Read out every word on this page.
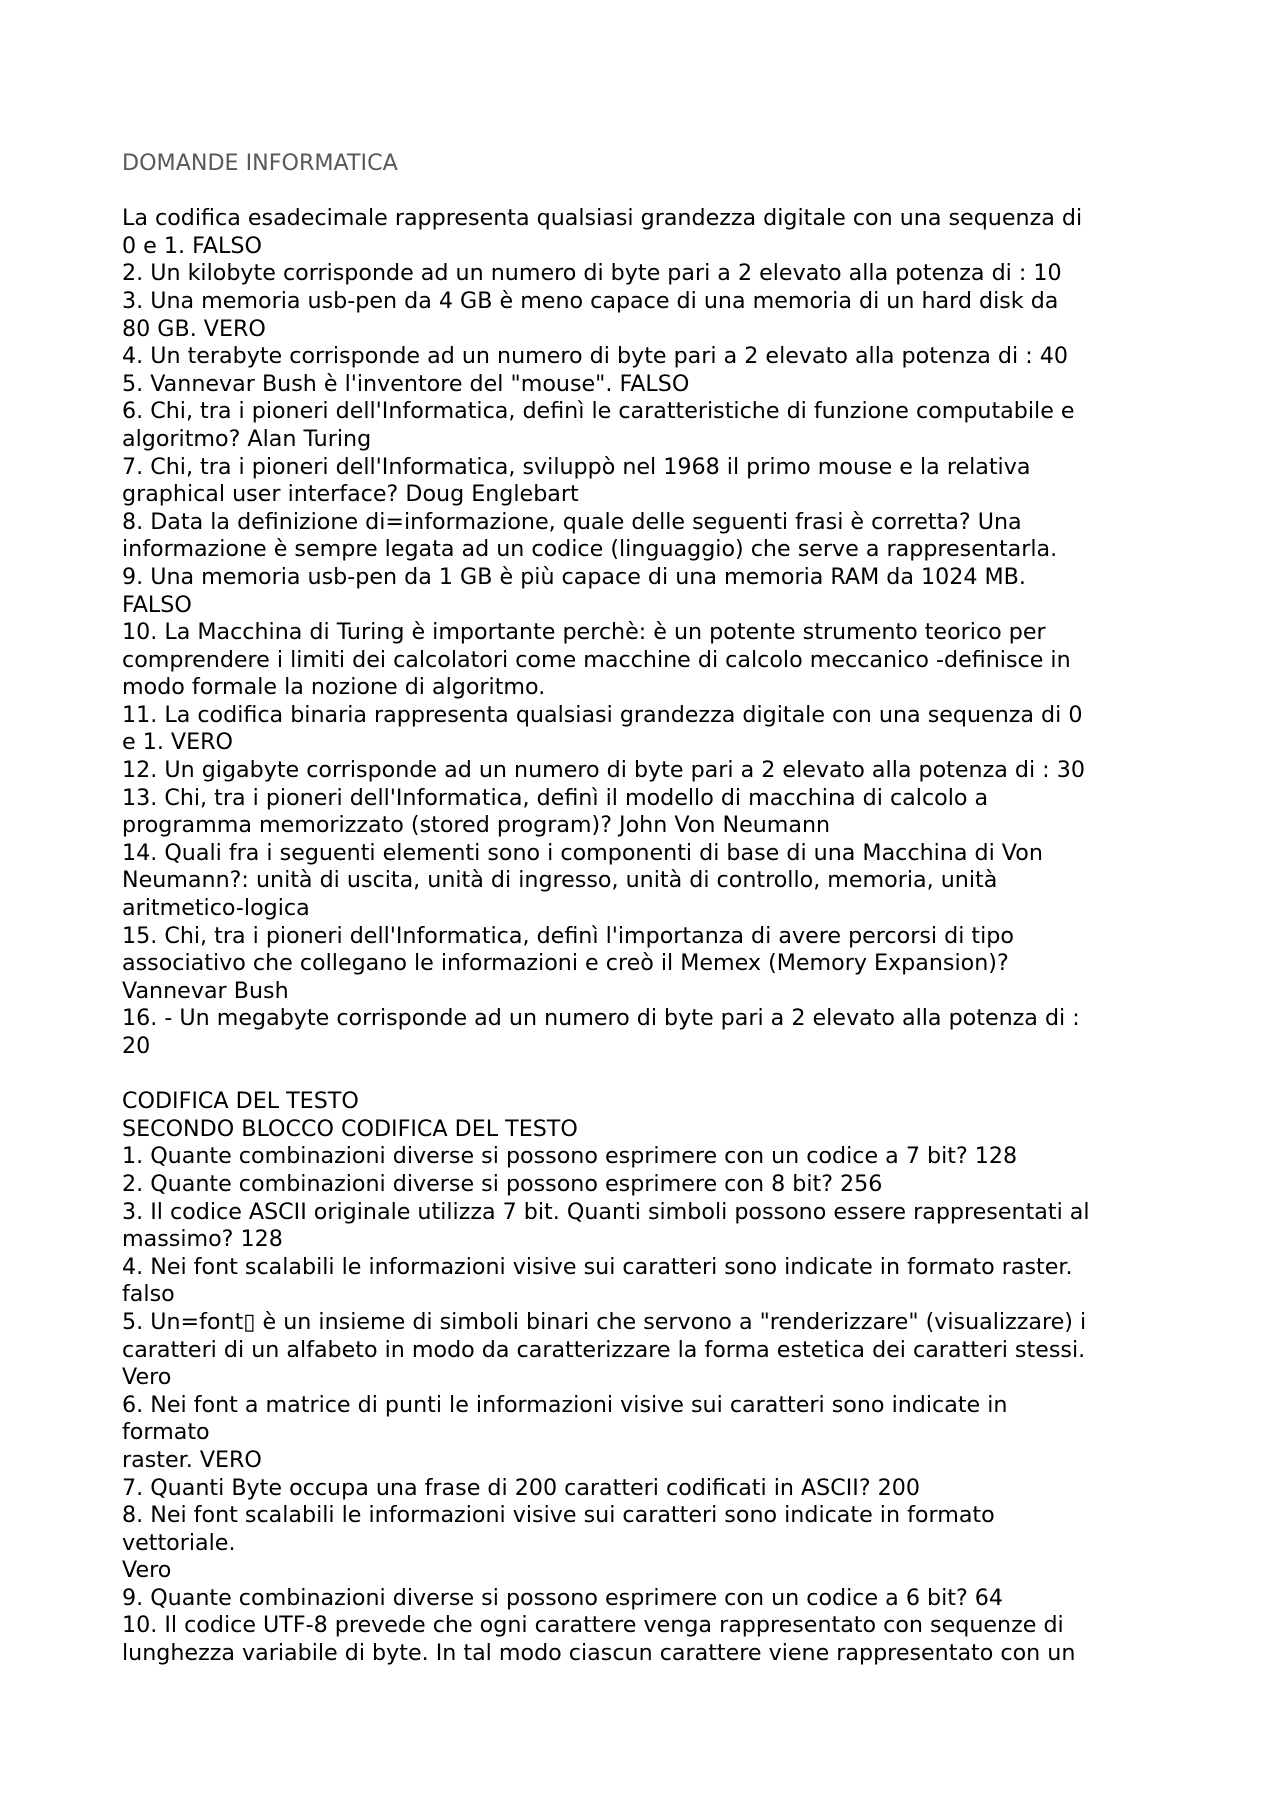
DOMANDE INFORMATICA

La codifica esadecimale rappresenta qualsiasi grandezza digitale con una sequenza di

0 e 1. FALSO

2. Un kilobyte corrisponde ad un numero di byte pari a 2 elevato alla potenza di : 10

3. Una memoria usb-pen da 4 GB è meno capace di una memoria di un hard disk da

80 GB. VERO

4. Un terabyte corrisponde ad un numero di byte pari a 2 elevato alla potenza di : 40

5. Vannevar Bush è l'inventore del "mouse". FALSO

6. Chi, tra i pioneri dell'Informatica, definì le caratteristiche di funzione computabile e

algoritmo? Alan Turing

7. Chi, tra i pioneri dell'Informatica, sviluppò nel 1968 il primo mouse e la relativa

graphical user interface? Doug Englebart

8. Data la definizione di=informazione, quale delle seguenti frasi è corretta? Una

informazione è sempre legata ad un codice (linguaggio) che serve a rappresentarla.

9. Una memoria usb-pen da 1 GB è più capace di una memoria RAM da 1024 MB.

FALSO

10. La Macchina di Turing è importante perchè: è un potente strumento teorico per

comprendere i limiti dei calcolatori come macchine di calcolo meccanico -definisce in

modo formale la nozione di algoritmo.

11. La codifica binaria rappresenta qualsiasi grandezza digitale con una sequenza di 0

e 1. VERO

12. Un gigabyte corrisponde ad un numero di byte pari a 2 elevato alla potenza di : 30

13. Chi, tra i pioneri dell'Informatica, definì il modello di macchina di calcolo a

programma memorizzato (stored program)? John Von Neumann

14. Quali fra i seguenti elementi sono i componenti di base di una Macchina di Von

Neumann?: unità di uscita, unità di ingresso, unità di controllo, memoria, unità

aritmetico-logica

15. Chi, tra i pioneri dell'Informatica, definì l'importanza di avere percorsi di tipo

associativo che collegano le informazioni e creò il Memex (Memory Expansion)?

Vannevar Bush

16. - Un megabyte corrisponde ad un numero di byte pari a 2 elevato alla potenza di :

20

CODIFICA DEL TESTO

SECONDO BLOCCO CODIFICA DEL TESTO

1. Quante combinazioni diverse si possono esprimere con un codice a 7 bit? 128

2. Quante combinazioni diverse si possono esprimere con 8 bit? 256

3. Il codice ASCII originale utilizza 7 bit. Quanti simboli possono essere rappresentati al

massimo? 128

4. Nei font scalabili le informazioni visive sui caratteri sono indicate in formato raster.

falso

5. Un=font▯ è un insieme di simboli binari che servono a "renderizzare" (visualizzare) i

caratteri di un alfabeto in modo da caratterizzare la forma estetica dei caratteri stessi.

Vero

6. Nei font a matrice di punti le informazioni visive sui caratteri sono indicate in

formato

raster. VERO

7. Quanti Byte occupa una frase di 200 caratteri codificati in ASCII? 200

8. Nei font scalabili le informazioni visive sui caratteri sono indicate in formato

vettoriale.

Vero

9. Quante combinazioni diverse si possono esprimere con un codice a 6 bit? 64

10. Il codice UTF-8 prevede che ogni carattere venga rappresentato con sequenze di

lunghezza variabile di byte. In tal modo ciascun carattere viene rappresentato con un
